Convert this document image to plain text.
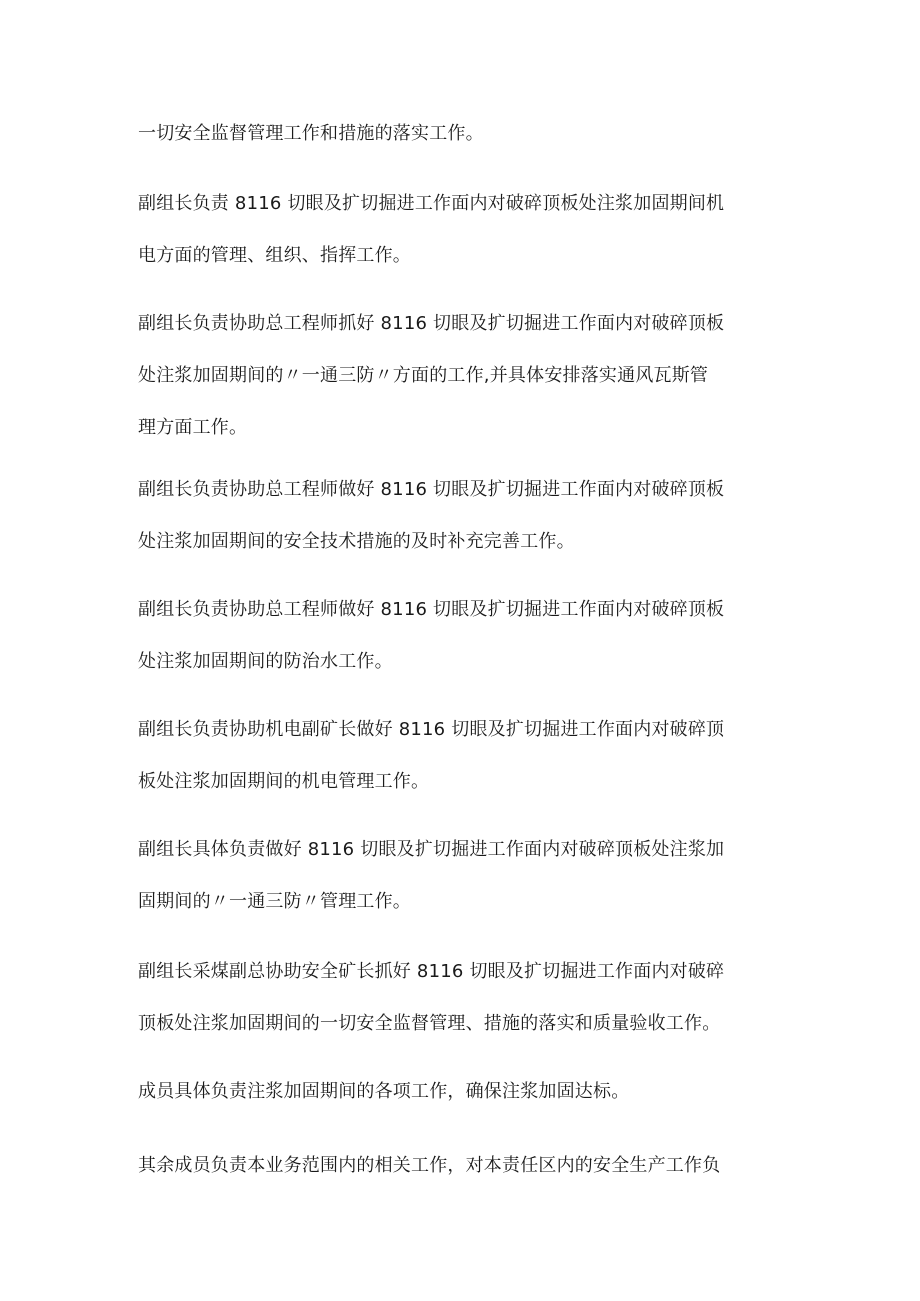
一切安全监督管理工作和措施的落实工作。

副组长负责 8116 切眼及扩切掘进工作面内对破碎顶板处注浆加固期间机
电方面的管理、组织、指挥工作。

副组长负责协助总工程师抓好 8116 切眼及扩切掘进工作面内对破碎顶板
处注浆加固期间的〃一通三防〃方面的工作,并具体安排落实通风瓦斯管
理方面工作。

副组长负责协助总工程师做好 8116 切眼及扩切掘进工作面内对破碎顶板
处注浆加固期间的安全技术措施的及时补充完善工作。

副组长负责协助总工程师做好 8116 切眼及扩切掘进工作面内对破碎顶板
处注浆加固期间的防治水工作。

副组长负责协助机电副矿长做好 8116 切眼及扩切掘进工作面内对破碎顶
板处注浆加固期间的机电管理工作。

副组长具体负责做好 8116 切眼及扩切掘进工作面内对破碎顶板处注浆加
固期间的〃一通三防〃管理工作。

副组长采煤副总协助安全矿长抓好 8116 切眼及扩切掘进工作面内对破碎
顶板处注浆加固期间的一切安全监督管理、措施的落实和质量验收工作。

成员具体负责注浆加固期间的各项工作，确保注浆加固达标。

其余成员负责本业务范围内的相关工作，对本责任区内的安全生产工作负
